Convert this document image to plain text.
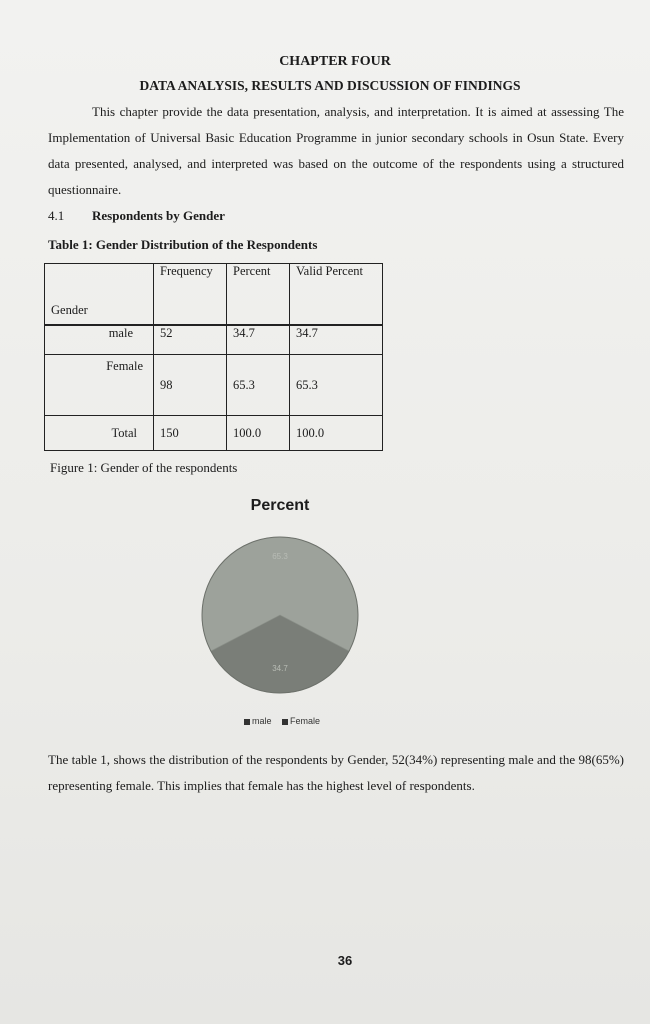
CHAPTER FOUR
DATA ANALYSIS, RESULTS AND DISCUSSION OF FINDINGS
This chapter provide the data presentation, analysis, and interpretation. It is aimed at assessing The Implementation of Universal Basic Education Programme in junior secondary schools in Osun State. Every data presented, analysed, and interpreted was based on the outcome of the respondents using a structured questionnaire.
4.1 Respondents by Gender
Table 1: Gender Distribution of the Respondents
Gender	Frequency	Percent	Valid Percent
male	52	34.7	34.7
Female	98	65.3	65.3
Total	150	100.0	100.0
Figure 1: Gender of the respondents
Percent
34.7
65.3
male Female
The table 1, shows the distribution of the respondents by Gender, 52(34%) representing male and the 98(65%) representing female. This implies that female has the highest level of respondents.
36
